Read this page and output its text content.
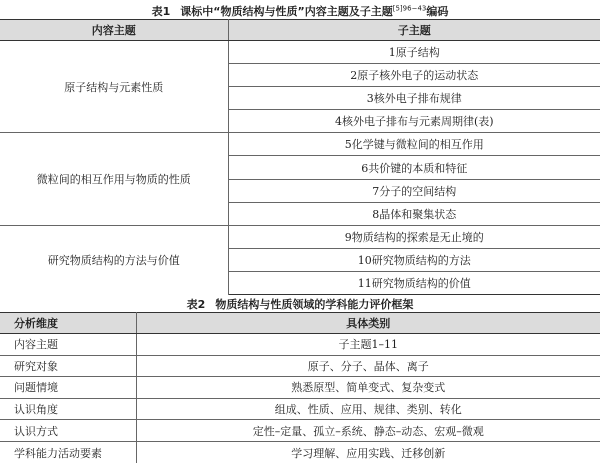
表1 课标中“物质结构与性质”内容主题及子主题$^{[5]96-43}$编码
内容主题	子主题
原子结构与元素性质	1原子结构
	2原子核外电子的运动状态
	3核外电子排布规律
	4核外电子排布与元素周期律(表)
微粒间的相互作用与物质的性质	5化学键与微粒间的相互作用
	6共价键的本质和特征
	7分子的空间结构
	8晶体和聚集状态
研究物质结构的方法与价值	9物质结构的探索是无止境的
	10研究物质结构的方法
	11研究物质结构的价值
表2 物质结构与性质领域的学科能力评价框架
分析维度	具体类别
内容主题	子主题1–11
研究对象	原子、分子、晶体、离子
问题情境	熟悉原型、简单变式、复杂变式
认识角度	组成、性质、应用、规律、类别、转化
认识方式	定性–定量、孤立–系统、静态–动态、宏观–微观
学科能力活动要素	学习理解、应用实践、迁移创新
